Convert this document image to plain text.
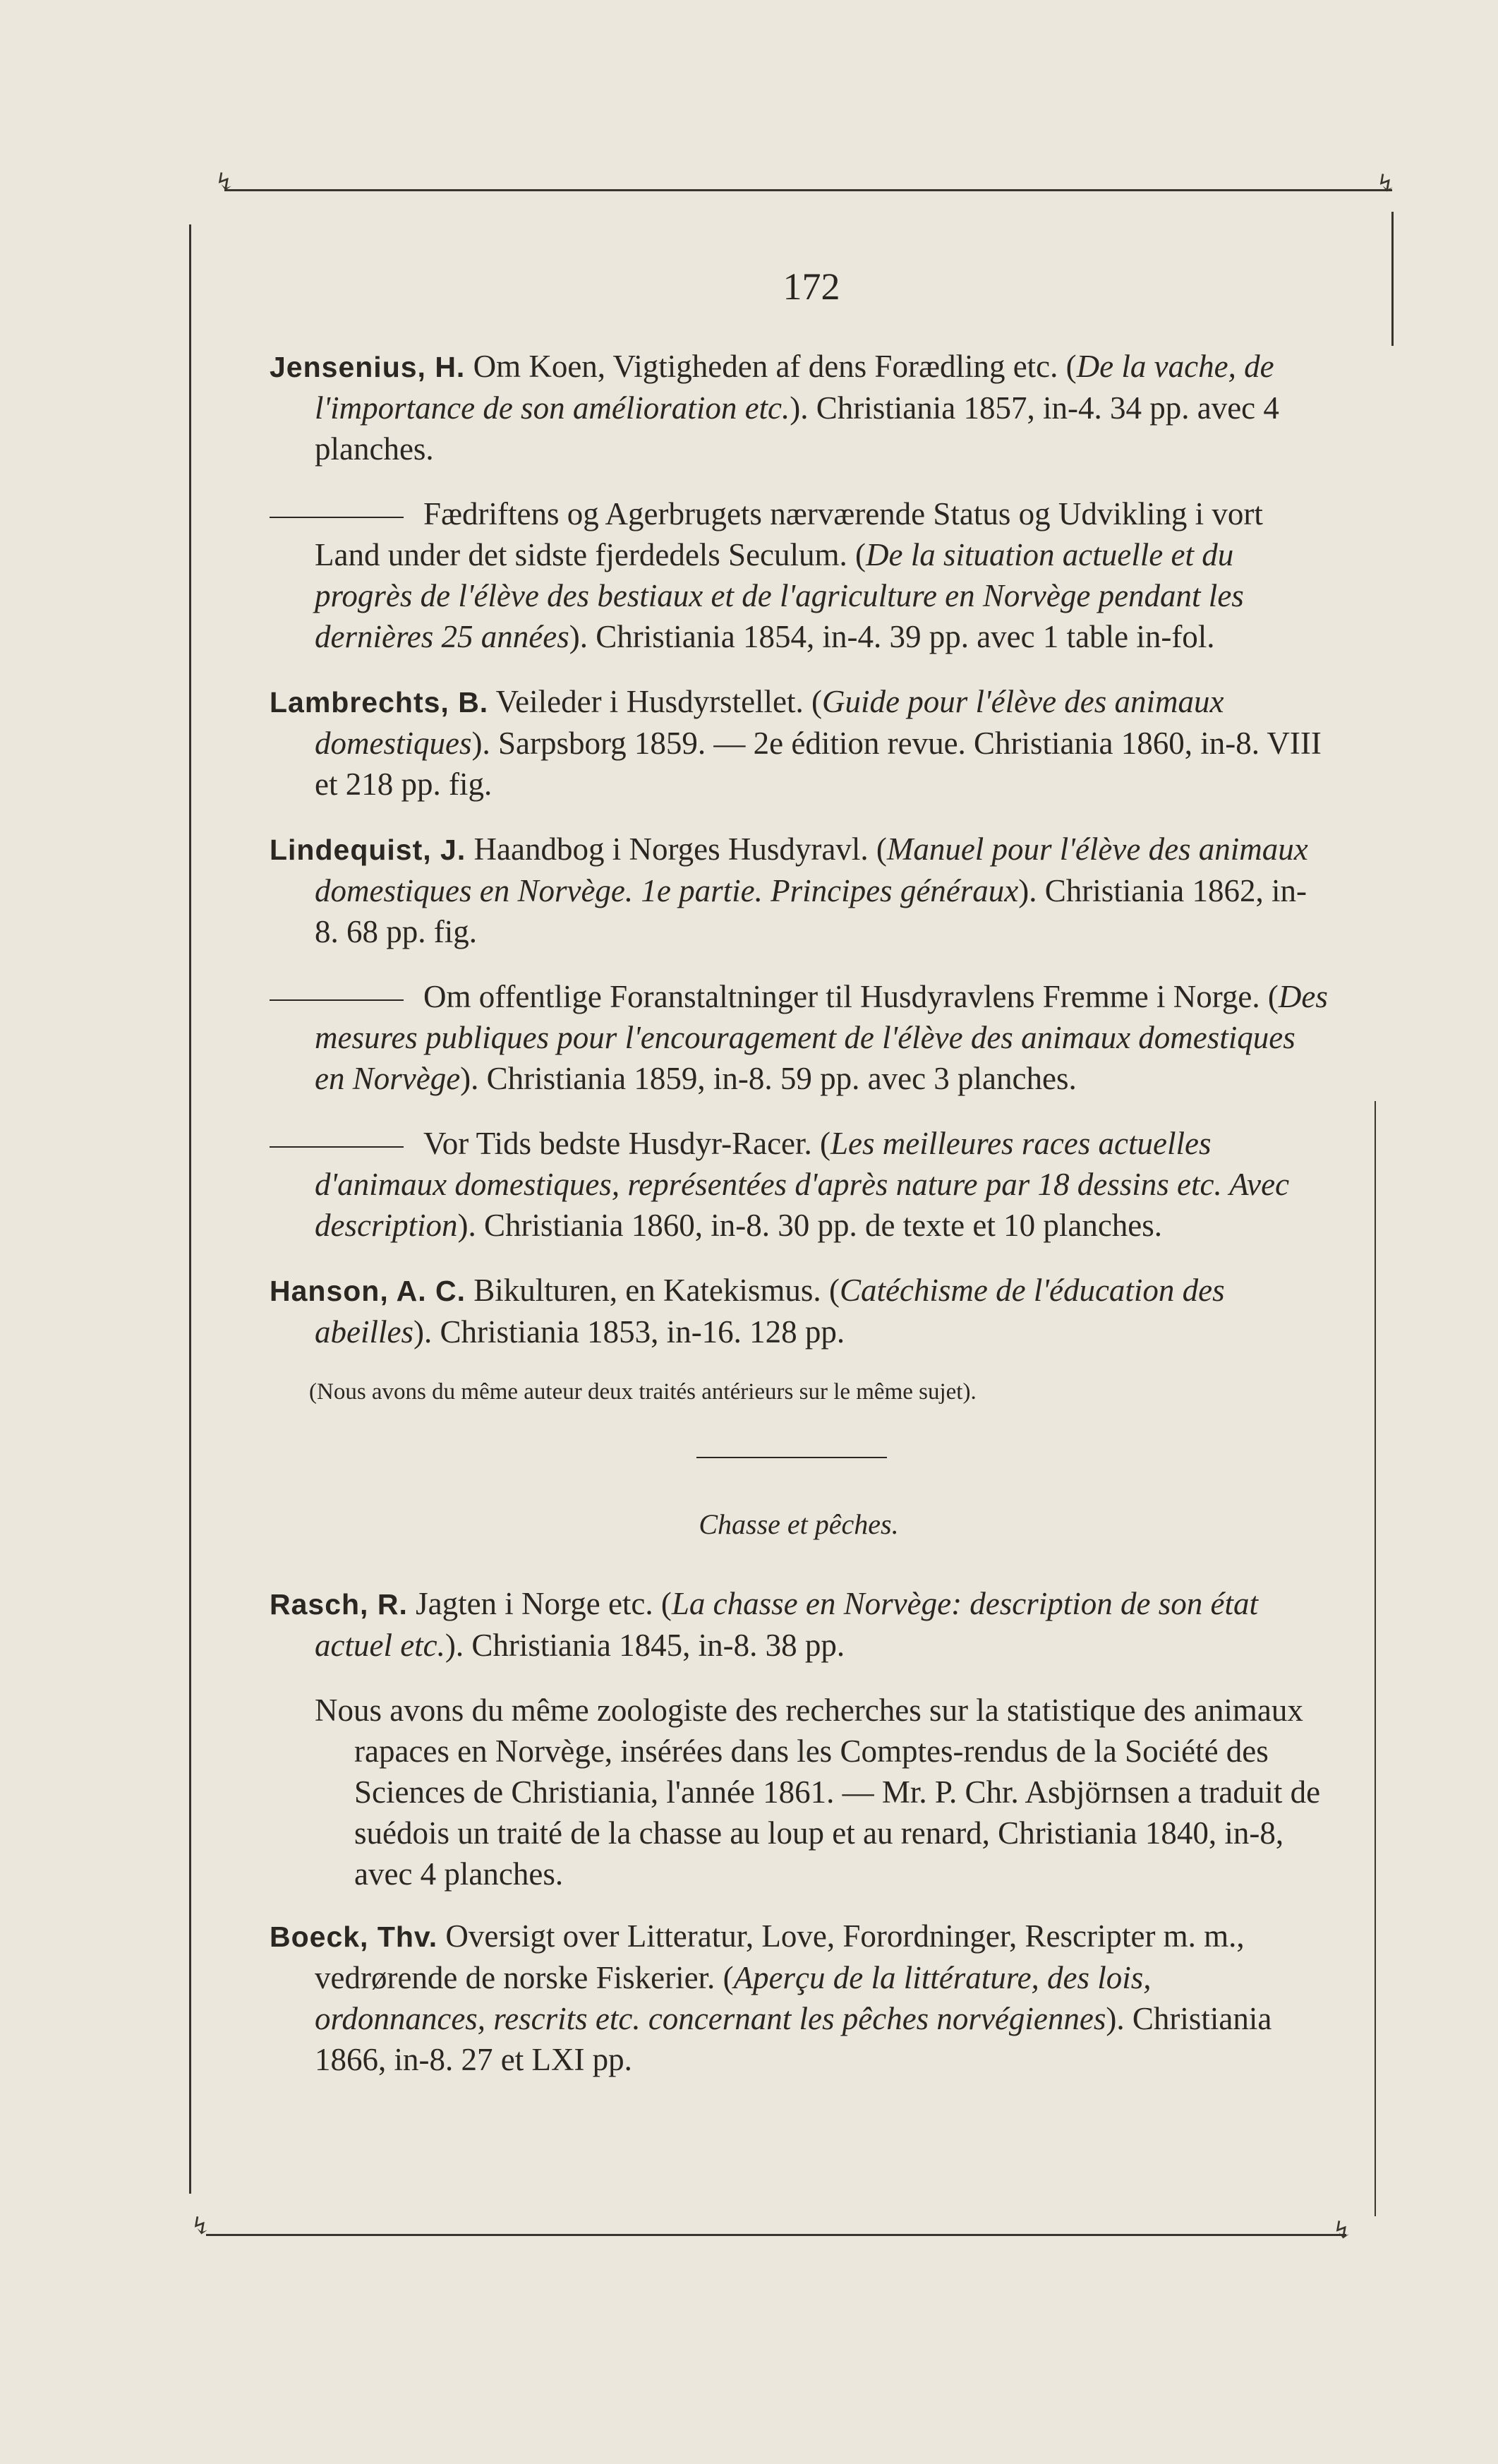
↯	↯
↯	↯
172

Jensenius, H. Om Koen, Vigtigheden af dens Forædling etc. (De la vache, de l'importance de son amélioration etc.). Christiania 1857, in-4. 34 pp. avec 4 planches.

Fædriftens og Agerbrugets nærværende Status og Udvikling i vort Land under det sidste fjerdedels Seculum. (De la situation actuelle et du progrès de l'élève des bestiaux et de l'agriculture en Norvège pendant les dernières 25 années). Christiania 1854, in-4. 39 pp. avec 1 table in-fol.

Lambrechts, B. Veileder i Husdyrstellet. (Guide pour l'élève des animaux domestiques). Sarpsborg 1859. — 2e édition revue. Christiania 1860, in-8. VIII et 218 pp. fig.

Lindequist, J. Haandbog i Norges Husdyravl. (Manuel pour l'élève des animaux domestiques en Norvège. 1e partie. Principes généraux). Christiania 1862, in-8. 68 pp. fig.

Om offentlige Foranstaltninger til Husdyravlens Fremme i Norge. (Des mesures publiques pour l'encouragement de l'élève des animaux domestiques en Norvège). Christiania 1859, in-8. 59 pp. avec 3 planches.

Vor Tids bedste Husdyr-Racer. (Les meilleures races actuelles d'animaux domestiques, représentées d'après nature par 18 dessins etc. Avec description). Christiania 1860, in-8. 30 pp. de texte et 10 planches.

Hanson, A. C. Bikulturen, en Katekismus. (Catéchisme de l'éducation des abeilles). Christiania 1853, in-16. 128 pp.

(Nous avons du même auteur deux traités antérieurs sur le même sujet).
Chasse et pêches.

Rasch, R. Jagten i Norge etc. (La chasse en Norvège: description de son état actuel etc.). Christiania 1845, in-8. 38 pp.

Nous avons du même zoologiste des recherches sur la statistique des animaux rapaces en Norvège, insérées dans les Comptes-rendus de la Société des Sciences de Christiania, l'année 1861. — Mr. P. Chr. Asbjörnsen a traduit de suédois un traité de la chasse au loup et au renard, Christiania 1840, in-8, avec 4 planches.

Boeck, Thv. Oversigt over Litteratur, Love, Forordninger, Rescripter m. m., vedrørende de norske Fiskerier. (Aperçu de la littérature, des lois, ordonnances, rescrits etc. concernant les pêches norvégiennes). Christiania 1866, in-8. 27 et LXI pp.
